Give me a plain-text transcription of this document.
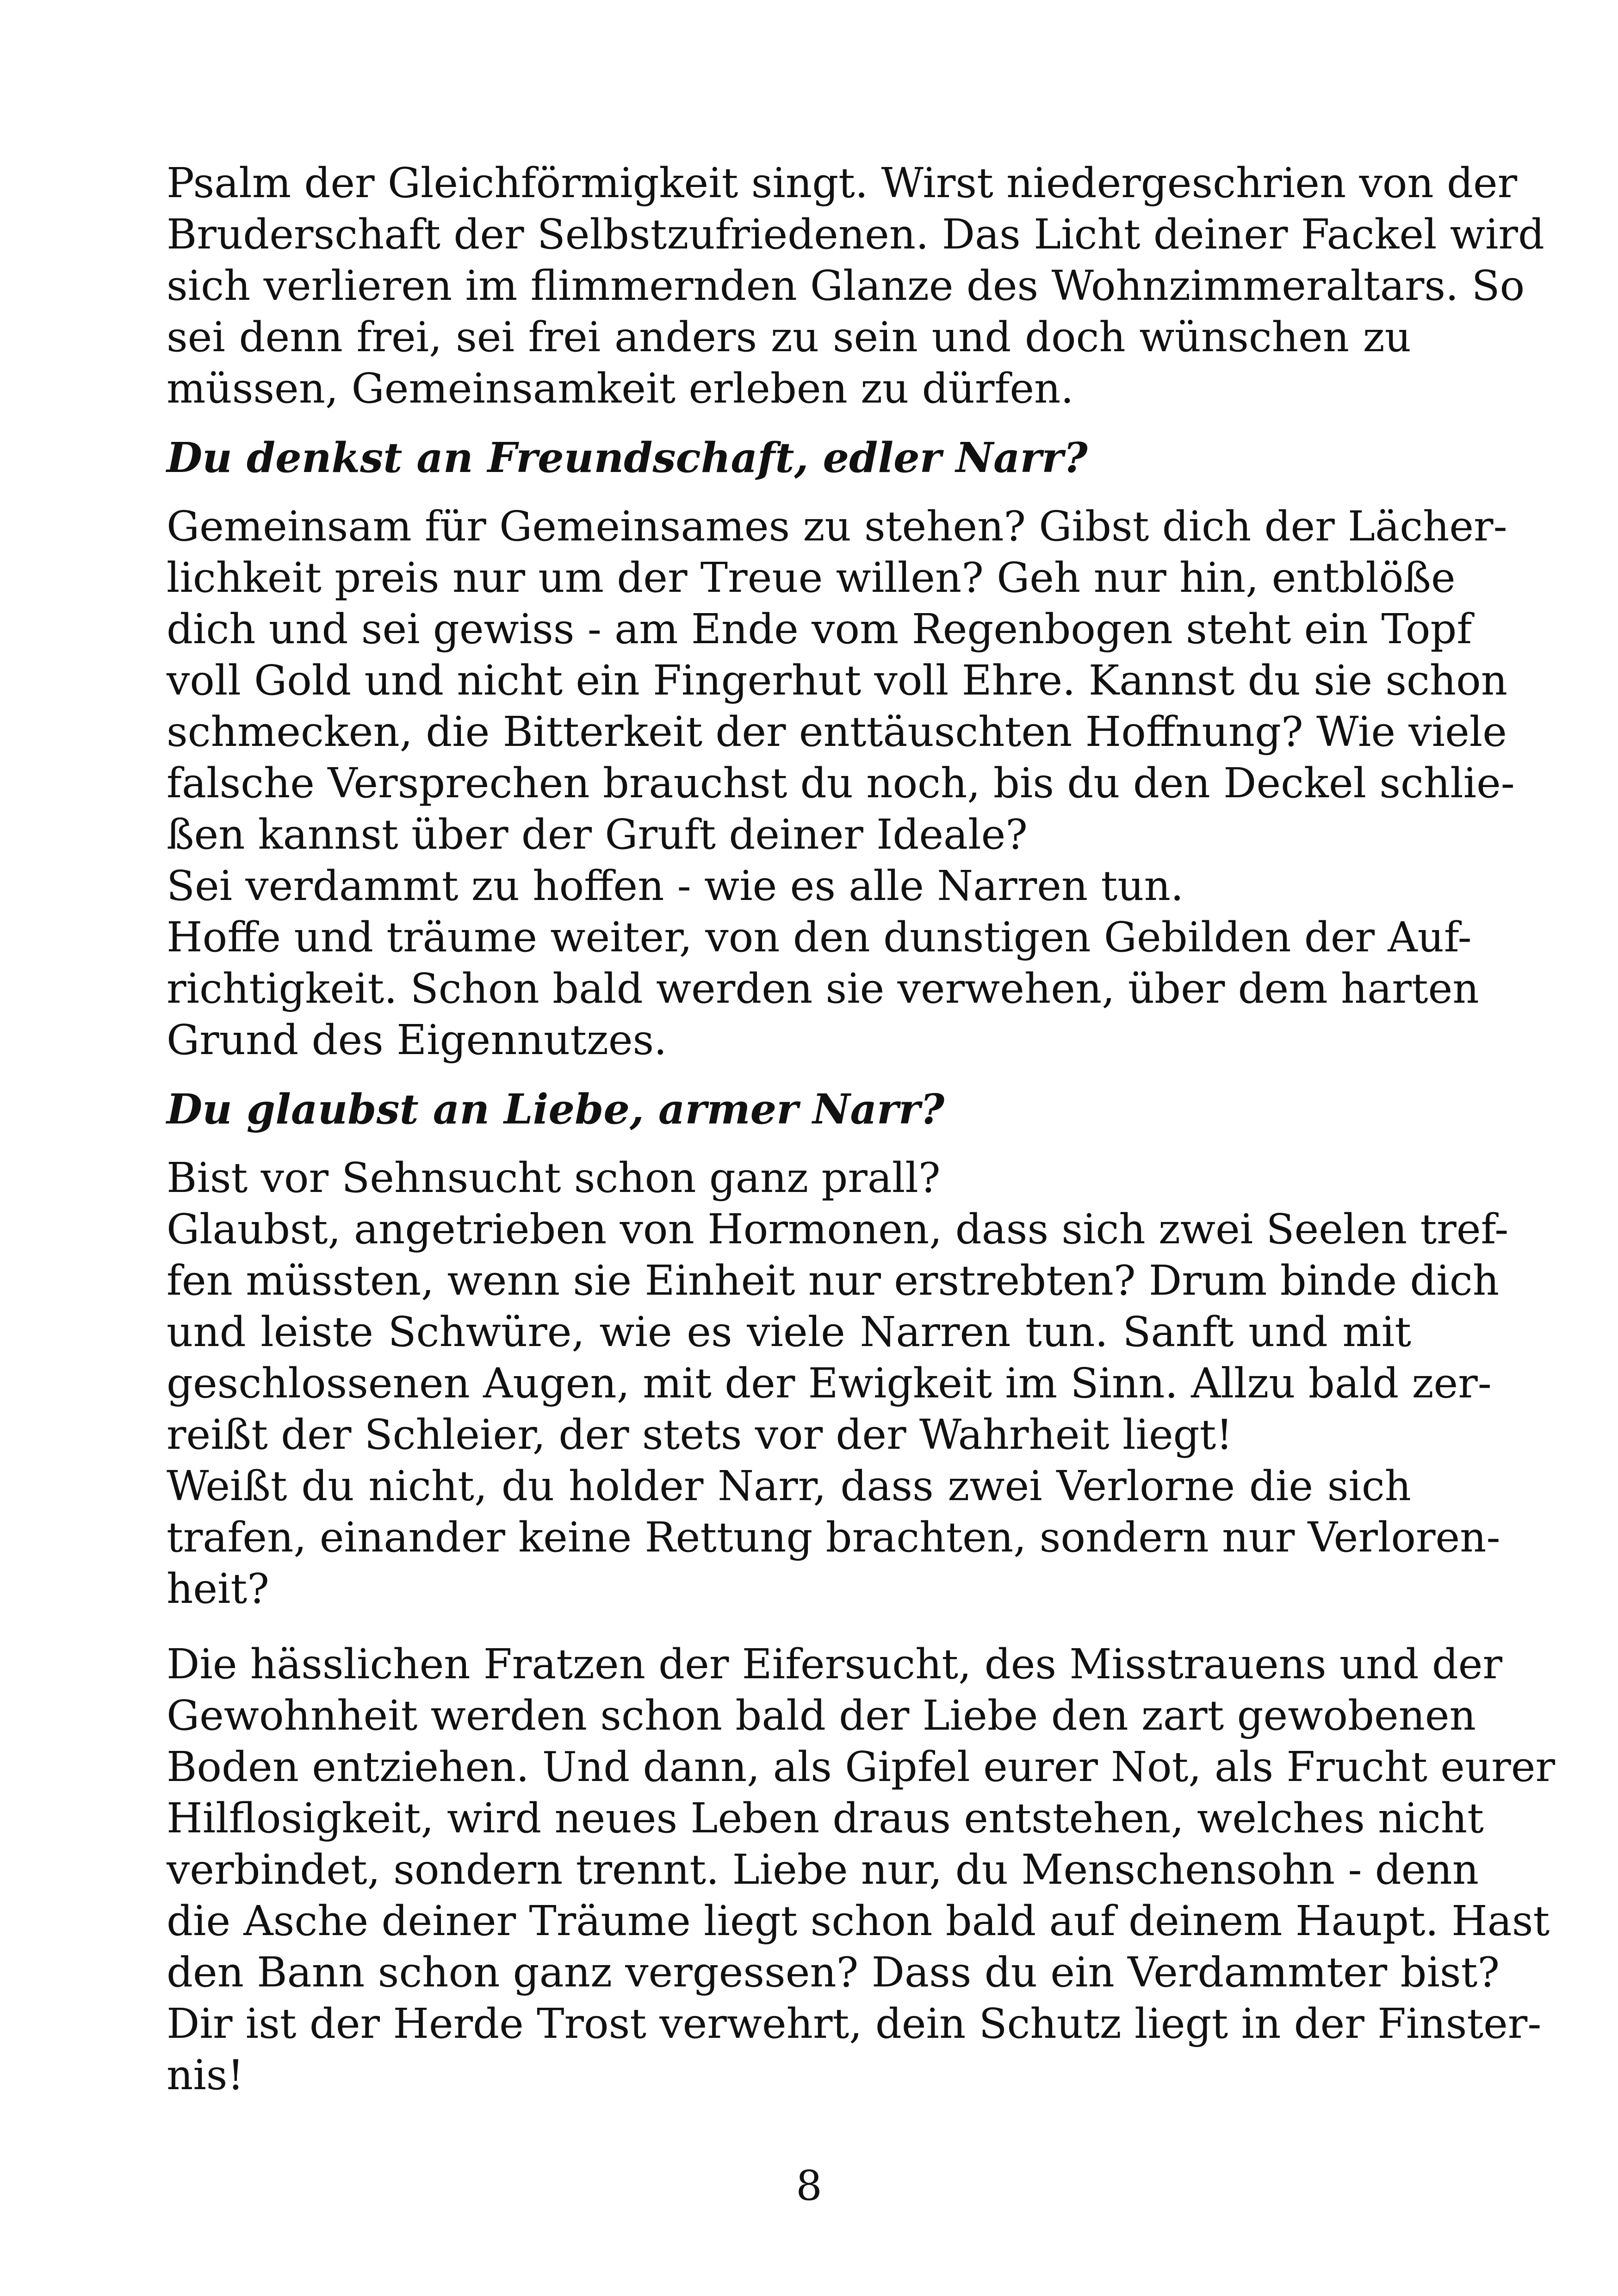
Psalm der Gleichförmigkeit singt. Wirst niedergeschrien von der
Bruderschaft der Selbstzufriedenen. Das Licht deiner Fackel wird
sich verlieren im flimmernden Glanze des Wohnzimmeraltars. So
sei denn frei, sei frei anders zu sein und doch wünschen zu
müssen, Gemeinsamkeit erleben zu dürfen.
Du denkst an Freundschaft, edler Narr?
Gemeinsam für Gemeinsames zu stehen? Gibst dich der Lächer-
lichkeit preis nur um der Treue willen? Geh nur hin, entblöße
dich und sei gewiss - am Ende vom Regenbogen steht ein Topf
voll Gold und nicht ein Fingerhut voll Ehre. Kannst du sie schon
schmecken, die Bitterkeit der enttäuschten Hoffnung? Wie viele
falsche Versprechen brauchst du noch, bis du den Deckel schlie-
ßen kannst über der Gruft deiner Ideale?
Sei verdammt zu hoffen - wie es alle Narren tun.
Hoffe und träume weiter, von den dunstigen Gebilden der Auf-
richtigkeit. Schon bald werden sie verwehen, über dem harten
Grund des Eigennutzes.
Du glaubst an Liebe, armer Narr?
Bist vor Sehnsucht schon ganz prall?
Glaubst, angetrieben von Hormonen, dass sich zwei Seelen tref-
fen müssten, wenn sie Einheit nur erstrebten? Drum binde dich
und leiste Schwüre, wie es viele Narren tun. Sanft und mit
geschlossenen Augen, mit der Ewigkeit im Sinn. Allzu bald zer-
reißt der Schleier, der stets vor der Wahrheit liegt!
Weißt du nicht, du holder Narr, dass zwei Verlorne die sich
trafen, einander keine Rettung brachten, sondern nur Verloren-
heit?
Die hässlichen Fratzen der Eifersucht, des Misstrauens und der
Gewohnheit werden schon bald der Liebe den zart gewobenen
Boden entziehen. Und dann, als Gipfel eurer Not, als Frucht eurer
Hilflosigkeit, wird neues Leben draus entstehen, welches nicht
verbindet, sondern trennt. Liebe nur, du Menschensohn - denn
die Asche deiner Träume liegt schon bald auf deinem Haupt. Hast
den Bann schon ganz vergessen? Dass du ein Verdammter bist?
Dir ist der Herde Trost verwehrt, dein Schutz liegt in der Finster-
nis!
8
